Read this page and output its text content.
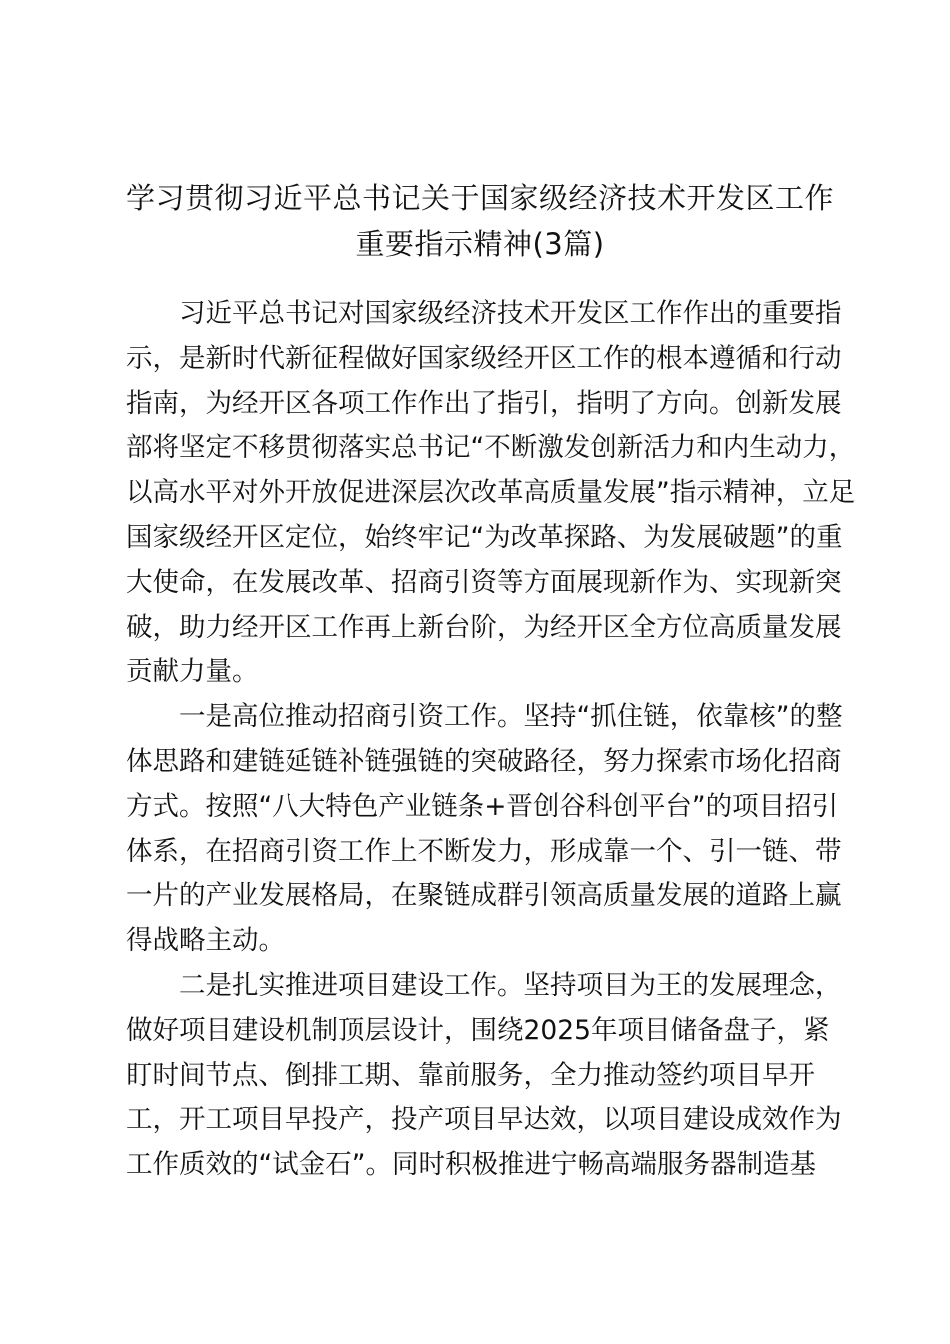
学习贯彻习近平总书记关于国家级经济技术开发区工作
重要指示精神(3篇)
习近平总书记对国家级经济技术开发区工作作出的重要指
示，是新时代新征程做好国家级经开区工作的根本遵循和行动
指南，为经开区各项工作作出了指引，指明了方向。创新发展
部将坚定不移贯彻落实总书记“不断激发创新活力和内生动力，
以高水平对外开放促进深层次改革高质量发展”指示精神，立足
国家级经开区定位，始终牢记“为改革探路、为发展破题”的重
大使命，在发展改革、招商引资等方面展现新作为、实现新突
破，助力经开区工作再上新台阶，为经开区全方位高质量发展
贡献力量。
一是高位推动招商引资工作。坚持“抓住链，依靠核”的整
体思路和建链延链补链强链的突破路径，努力探索市场化招商
方式。按照“八大特色产业链条+晋创谷科创平台”的项目招引
体系，在招商引资工作上不断发力，形成靠一个、引一链、带
一片的产业发展格局，在聚链成群引领高质量发展的道路上赢
得战略主动。
二是扎实推进项目建设工作。坚持项目为王的发展理念，
做好项目建设机制顶层设计，围绕2025年项目储备盘子，紧
盯时间节点、倒排工期、靠前服务，全力推动签约项目早开
工，开工项目早投产，投产项目早达效，以项目建设成效作为
工作质效的“试金石”。同时积极推进宁畅高端服务器制造基
